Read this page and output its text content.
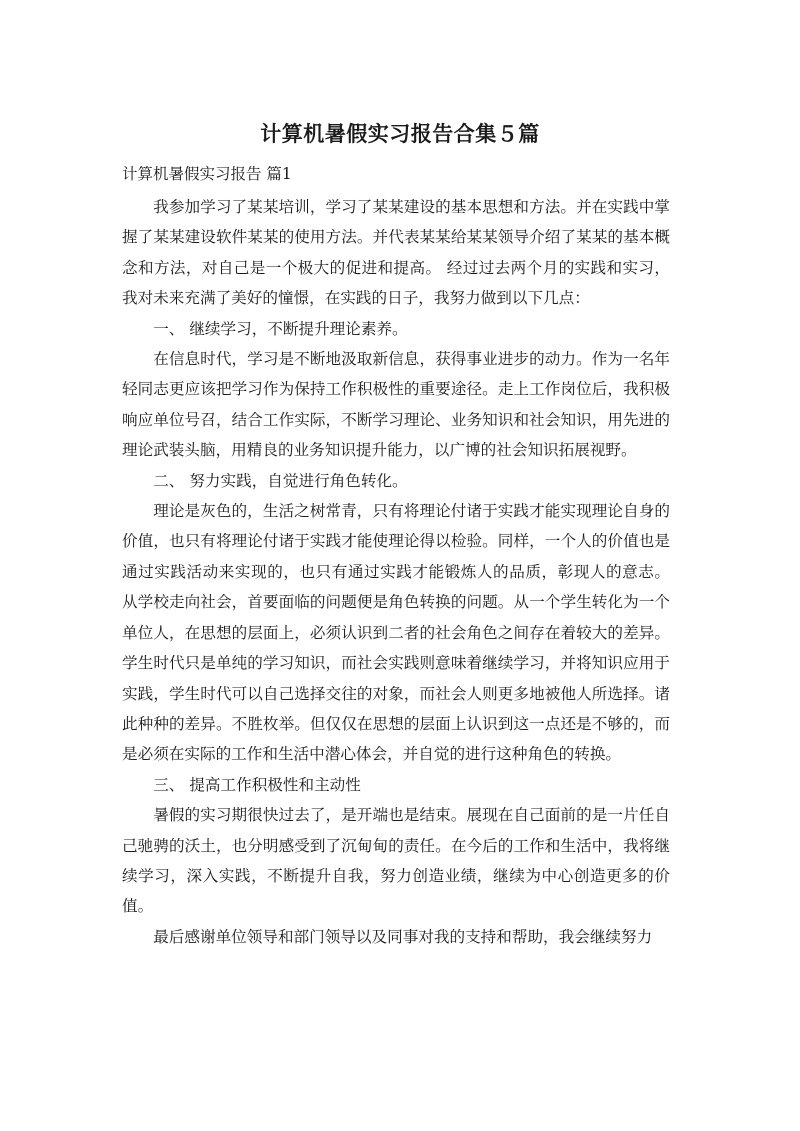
计算机暑假实习报告合集５篇
计算机暑假实习报告 篇1

我参加学习了某某培训，学习了某某建设的基本思想和方法。并在实践中掌握了某某建设软件某某的使用方法。并代表某某给某某领导介绍了某某的基本概念和方法，对自己是一个极大的促进和提高。 经过过去两个月的实践和实习，我对未来充满了美好的憧憬，在实践的日子，我努力做到以下几点：

一、 继续学习，不断提升理论素养。

在信息时代，学习是不断地汲取新信息，获得事业进步的动力。作为一名年轻同志更应该把学习作为保持工作积极性的重要途径。走上工作岗位后，我积极响应单位号召，结合工作实际，不断学习理论、业务知识和社会知识，用先进的理论武装头脑，用精良的业务知识提升能力，以广博的社会知识拓展视野。

二、 努力实践，自觉进行角色转化。

理论是灰色的，生活之树常青，只有将理论付诸于实践才能实现理论自身的价值，也只有将理论付诸于实践才能使理论得以检验。同样，一个人的价值也是通过实践活动来实现的，也只有通过实践才能锻炼人的品质，彰现人的意志。 从学校走向社会，首要面临的问题便是角色转换的问题。从一个学生转化为一个单位人，在思想的层面上，必须认识到二者的社会角色之间存在着较大的差异。学生时代只是单纯的学习知识，而社会实践则意味着继续学习，并将知识应用于实践，学生时代可以自己选择交往的对象，而社会人则更多地被他人所选择。诸此种种的差异。不胜枚举。但仅仅在思想的层面上认识到这一点还是不够的，而是必须在实际的工作和生活中潜心体会，并自觉的进行这种角色的转换。

三、 提高工作积极性和主动性

暑假的实习期很快过去了，是开端也是结束。展现在自己面前的是一片任自己驰骋的沃土，也分明感受到了沉甸甸的责任。在今后的工作和生活中，我将继续学习，深入实践，不断提升自我，努力创造业绩，继续为中心创造更多的价值。

最后感谢单位领导和部门领导以及同事对我的支持和帮助，我会继续努力
